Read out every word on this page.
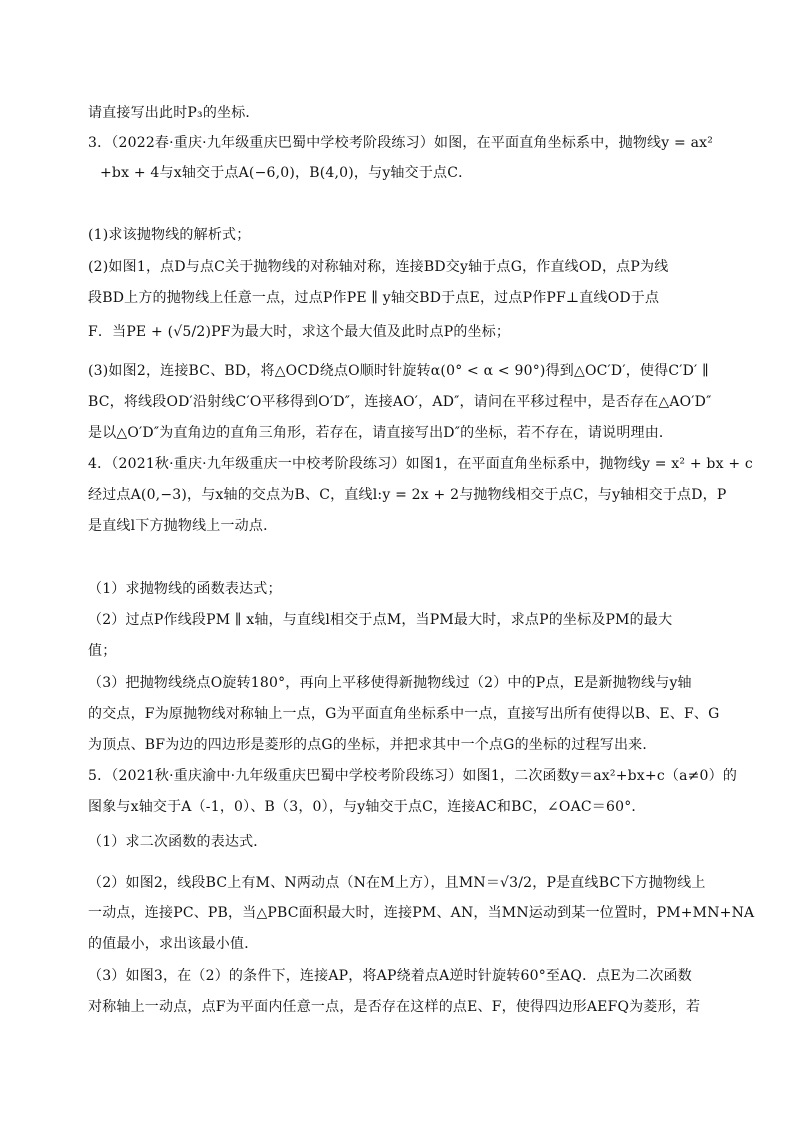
请直接写出此时P₃的坐标．
3．（2022春·重庆·九年级重庆巴蜀中学校考阶段练习）如图，在平面直角坐标系中，抛物线y = ax²
+bx + 4与x轴交于点A(−6,0)，B(4,0)，与y轴交于点C．
(1)求该抛物线的解析式；
(2)如图1，点D与点C关于抛物线的对称轴对称，连接BD交y轴于点G，作直线OD，点P为线
段BD上方的抛物线上任意一点，过点P作PE ∥ y轴交BD于点E，过点P作PF⊥直线OD于点
F．当PE + (√5/2)PF为最大时，求这个最大值及此时点P的坐标；
(3)如图2，连接BC、BD，将△OCD绕点O顺时针旋转α(0° < α < 90°)得到△OC′D′，使得C′D′ ∥
BC，将线段OD′沿射线C′O平移得到O′D″，连接AO′，AD″，请问在平移过程中，是否存在△AO′D″
是以△O′D″为直角边的直角三角形，若存在，请直接写出D″的坐标，若不存在，请说明理由．
4．（2021秋·重庆·九年级重庆一中校考阶段练习）如图1，在平面直角坐标系中，抛物线y = x² + bx + c
经过点A(0,−3)，与x轴的交点为B、C，直线l:y = 2x + 2与抛物线相交于点C，与y轴相交于点D，P
是直线l下方抛物线上一动点．
（1）求抛物线的函数表达式；
（2）过点P作线段PM ∥ x轴，与直线l相交于点M，当PM最大时，求点P的坐标及PM的最大
值；
（3）把抛物线绕点O旋转180°，再向上平移使得新抛物线过（2）中的P点，E是新抛物线与y轴
的交点，F为原抛物线对称轴上一点，G为平面直角坐标系中一点，直接写出所有使得以B、E、F、G
为顶点、BF为边的四边形是菱形的点G的坐标，并把求其中一个点G的坐标的过程写出来．
5．（2021秋·重庆渝中·九年级重庆巴蜀中学校考阶段练习）如图1，二次函数y＝ax²+bx+c（a≠0）的
图象与x轴交于A（-1，0）、B（3，0），与y轴交于点C，连接AC和BC，∠OAC＝60°．
（1）求二次函数的表达式．
（2）如图2，线段BC上有M、N两动点（N在M上方），且MN＝√3/2，P是直线BC下方抛物线上
一动点，连接PC、PB，当△PBC面积最大时，连接PM、AN，当MN运动到某一位置时，PM+MN+NA
的值最小，求出该最小值．
（3）如图3，在（2）的条件下，连接AP，将AP绕着点A逆时针旋转60°至AQ．点E为二次函数
对称轴上一动点，点F为平面内任意一点，是否存在这样的点E、F，使得四边形AEFQ为菱形，若
